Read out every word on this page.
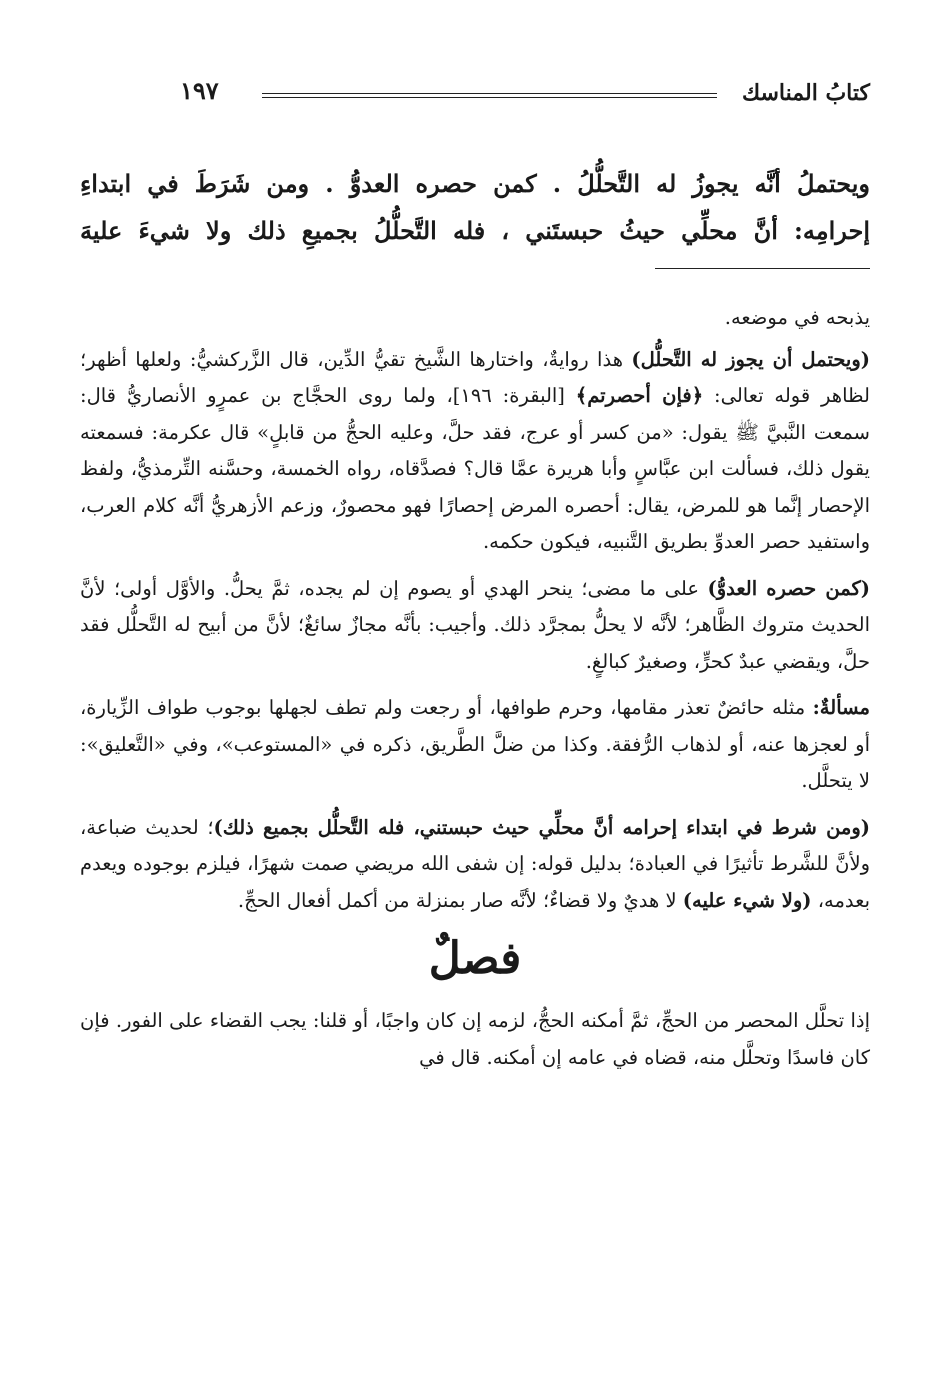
كتابُ المناسك
١٩٧
ويحتملُ أنَّه يجوزُ له التَّحلُّلُ . كمن حصره العدوُّ . ومن شَرَطَ في ابتداءِ
إحرامِه: أنَّ محلِّي حيثُ حبستَني ، فله التَّحلُّلُ بجميعِ ذلك ولا شيءَ عليهَ

يذبحه في موضعه.

(ويحتمل أن يجوز له التَّحلُّل) هذا روايةٌ، واختارها الشَّيخ تقيُّ الدِّين، قال الزَّركشيُّ: ولعلها أظهر؛ لظاهر قوله تعالى: ﴿فإن أحصرتم﴾ [البقرة: ١٩٦]، ولما روى الحجَّاج بن عمرٍو الأنصاريُّ قال: سمعت النَّبيَّ ﷺ يقول: «من كسر أو عرج، فقد حلَّ، وعليه الحجُّ من قابلٍ» قال عكرمة: فسمعته يقول ذلك، فسألت ابن عبَّاسٍ وأبا هريرة عمَّا قال؟ فصدَّقاه، رواه الخمسة، وحسَّنه التِّرمذيُّ، ولفظ الإحصار إنَّما هو للمرض، يقال: أحصره المرض إحصارًا فهو محصورٌ، وزعم الأزهريُّ أنَّه كلام العرب، واستفيد حصر العدوِّ بطريق التَّنبيه، فيكون حكمه.

(كمن حصره العدوُّ) على ما مضى؛ ينحر الهدي أو يصوم إن لم يجده، ثمَّ يحلُّ. والأوَّل أولى؛ لأنَّ الحديث متروك الظَّاهر؛ لأنَّه لا يحلُّ بمجرَّد ذلك. وأجيب: بأنَّه مجازٌ سائغٌ؛ لأنَّ من أبيح له التَّحلُّل فقد حلَّ، ويقضي عبدٌ كحرٍّ، وصغيرٌ كبالغٍ.

مسألةٌ: مثله حائضٌ تعذر مقامها، وحرم طوافها، أو رجعت ولم تطف لجهلها بوجوب طواف الزِّيارة، أو لعجزها عنه، أو لذهاب الرُّفقة. وكذا من ضلَّ الطَّريق، ذكره في «المستوعب»، وفي «التَّعليق»: لا يتحلَّل.

(ومن شرط في ابتداء إحرامه أنَّ محلِّي حيث حبستني، فله التَّحلُّل بجميع ذلك)؛ لحديث ضباعة، ولأنَّ للشَّرط تأثيرًا في العبادة؛ بدليل قوله: إن شفى الله مريضي صمت شهرًا، فيلزم بوجوده ويعدم بعدمه، (ولا شيء عليه) لا هديٌ ولا قضاءٌ؛ لأنَّه صار بمنزلة من أكمل أفعال الحجِّ.

فصلٌ

إذا تحلَّل المحصر من الحجِّ، ثمَّ أمكنه الحجُّ، لزمه إن كان واجبًا، أو قلنا: يجب القضاء على الفور. فإن كان فاسدًا وتحلَّل منه، قضاه في عامه إن أمكنه. قال في
